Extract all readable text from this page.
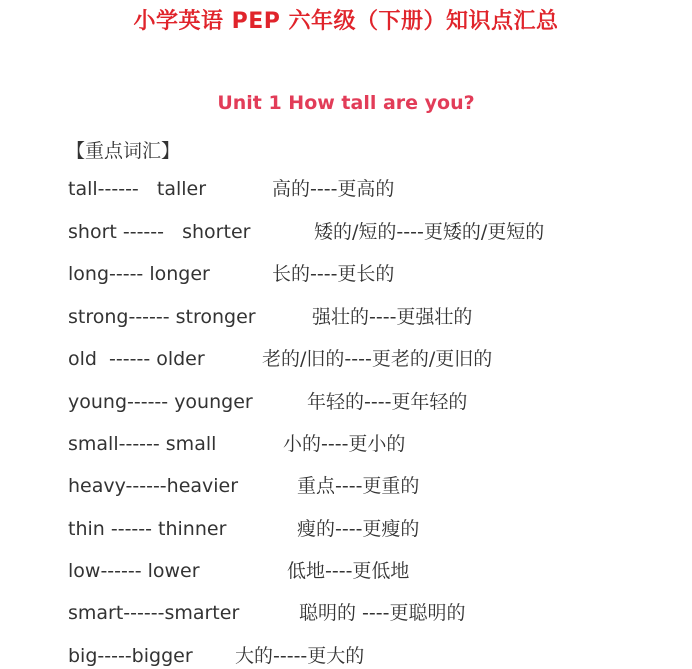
小学英语 PEP 六年级（下册）知识点汇总
Unit 1 How tall are you?
【重点词汇】
tall------   taller	高的----更高的
short ------   shorter	矮的/短的----更矮的/更短的
long----- longer	长的----更长的
strong------ stronger	强壮的----更强壮的
old  ------ older	老的/旧的----更老的/更旧的
young------ younger	年轻的----更年轻的
small------ small	小的----更小的
heavy------heavier	重点----更重的
thin ------ thinner	瘦的----更瘦的
low------ lower	低地----更低地
smart------smarter	聪明的 ----更聪明的
big-----bigger 大的-----更大的
